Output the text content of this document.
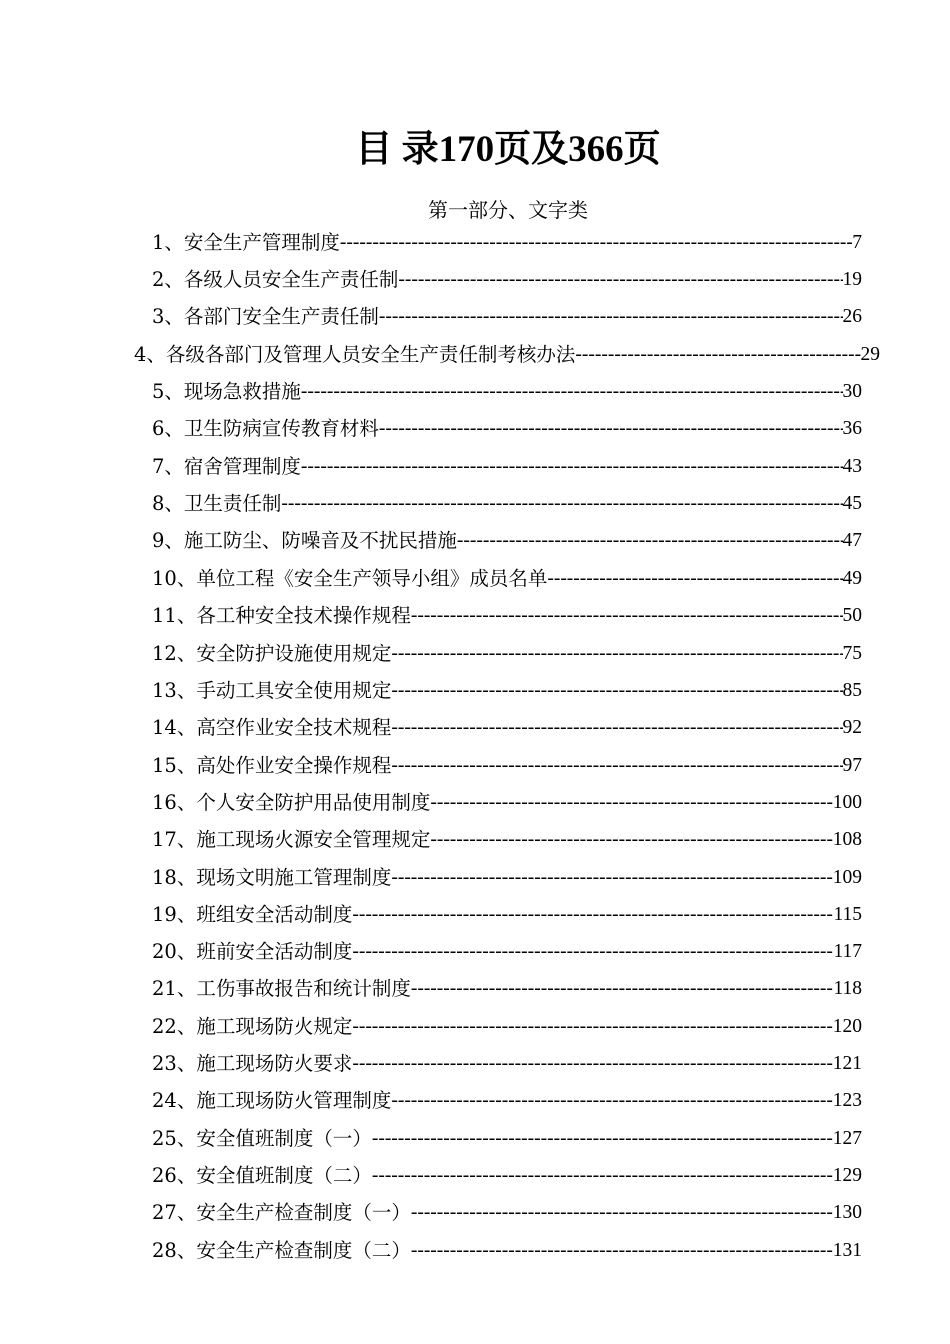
目 录170页及366页
第一部分、文字类
1、安全生产管理制度 -----	7
2、各级人员安全生产责任制 -----	19
3、各部门安全生产责任制 -----	26
4、各级各部门及管理人员安全生产责任制考核办法 -----	29
5、现场急救措施 -----	30
6、卫生防病宣传教育材料 -----	36
7、宿舍管理制度 -----	43
8、卫生责任制 -----	45
9、施工防尘、防噪音及不扰民措施 -----	47
10、单位工程《安全生产领导小组》成员名单 -----	49
11、各工种安全技术操作规程 -----	50
12、安全防护设施使用规定 -----	75
13、手动工具安全使用规定 -----	85
14、高空作业安全技术规程 -----	92
15、高处作业安全操作规程 -----	97
16、个人安全防护用品使用制度 -----	100
17、施工现场火源安全管理规定 -----	108
18、现场文明施工管理制度 -----	109
19、班组安全活动制度 -----	115
20、班前安全活动制度 -----	117
21、工伤事故报告和统计制度 -----	118
22、施工现场防火规定 -----	120
23、施工现场防火要求 -----	121
24、施工现场防火管理制度 -----	123
25、安全值班制度（一） -----	127
26、安全值班制度（二） -----	129
27、安全生产检查制度（一） -----	130
28、安全生产检查制度（二） -----	131
